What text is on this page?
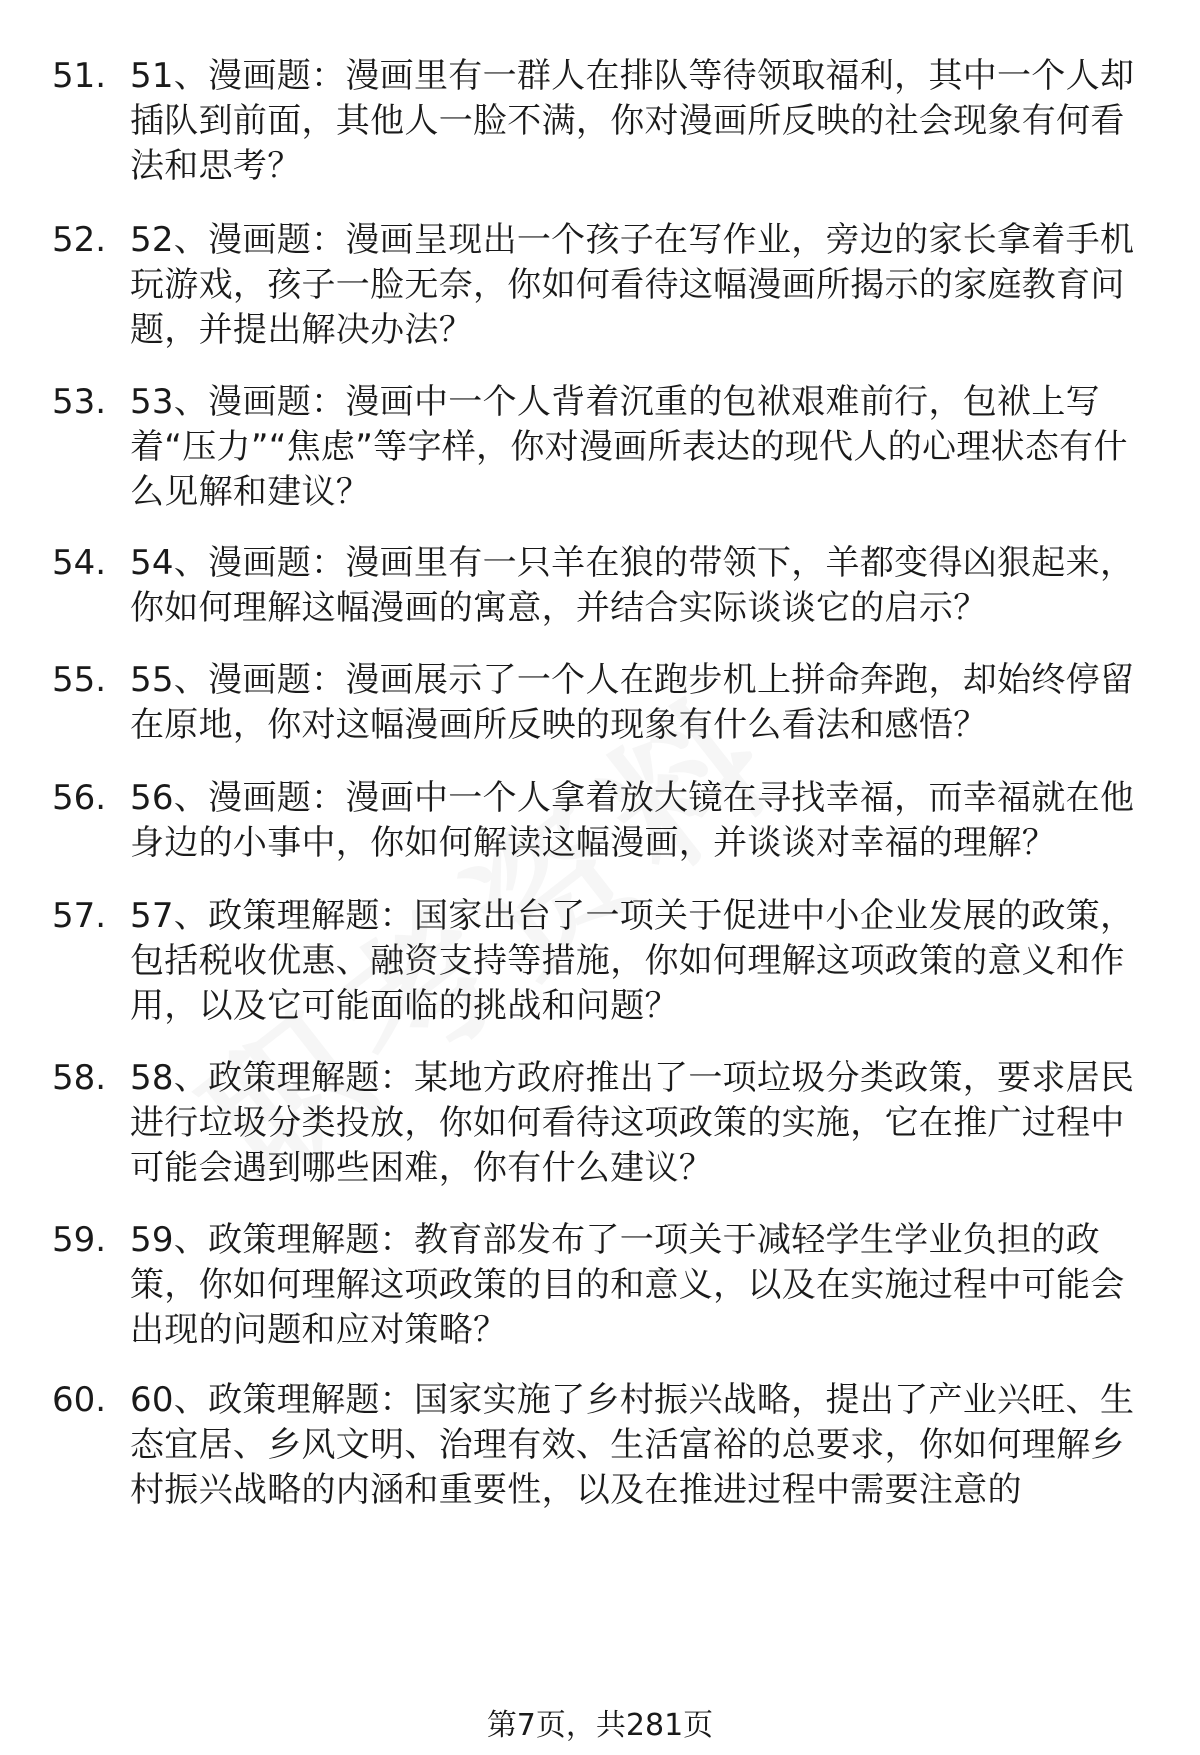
51. 51、漫画题：漫画里有一群人在排队等待领取福利，其中一个人却插队到前面，其他人一脸不满，你对漫画所反映的社会现象有何看法和思考？
52. 52、漫画题：漫画呈现出一个孩子在写作业，旁边的家长拿着手机玩游戏，孩子一脸无奈，你如何看待这幅漫画所揭示的家庭教育问题，并提出解决办法？
53. 53、漫画题：漫画中一个人背着沉重的包袱艰难前行，包袱上写着“压力”“焦虑”等字样，你对漫画所表达的现代人的心理状态有什么见解和建议？
54. 54、漫画题：漫画里有一只羊在狼的带领下，羊都变得凶狠起来，你如何理解这幅漫画的寓意，并结合实际谈谈它的启示？
55. 55、漫画题：漫画展示了一个人在跑步机上拼命奔跑，却始终停留在原地，你对这幅漫画所反映的现象有什么看法和感悟？
56. 56、漫画题：漫画中一个人拿着放大镜在寻找幸福，而幸福就在他身边的小事中，你如何解读这幅漫画，并谈谈对幸福的理解？
57. 57、政策理解题：国家出台了一项关于促进中小企业发展的政策，包括税收优惠、融资支持等措施，你如何理解这项政策的意义和作用，以及它可能面临的挑战和问题？
58. 58、政策理解题：某地方政府推出了一项垃圾分类政策，要求居民进行垃圾分类投放，你如何看待这项政策的实施，它在推广过程中可能会遇到哪些困难，你有什么建议？
59. 59、政策理解题：教育部发布了一项关于减轻学生学业负担的政策，你如何理解这项政策的目的和意义，以及在实施过程中可能会出现的问题和应对策略？
60. 60、政策理解题：国家实施了乡村振兴战略，提出了产业兴旺、生态宜居、乡风文明、治理有效、生活富裕的总要求，你如何理解乡村振兴战略的内涵和重要性，以及在推进过程中需要注意的
第7页，共281页
